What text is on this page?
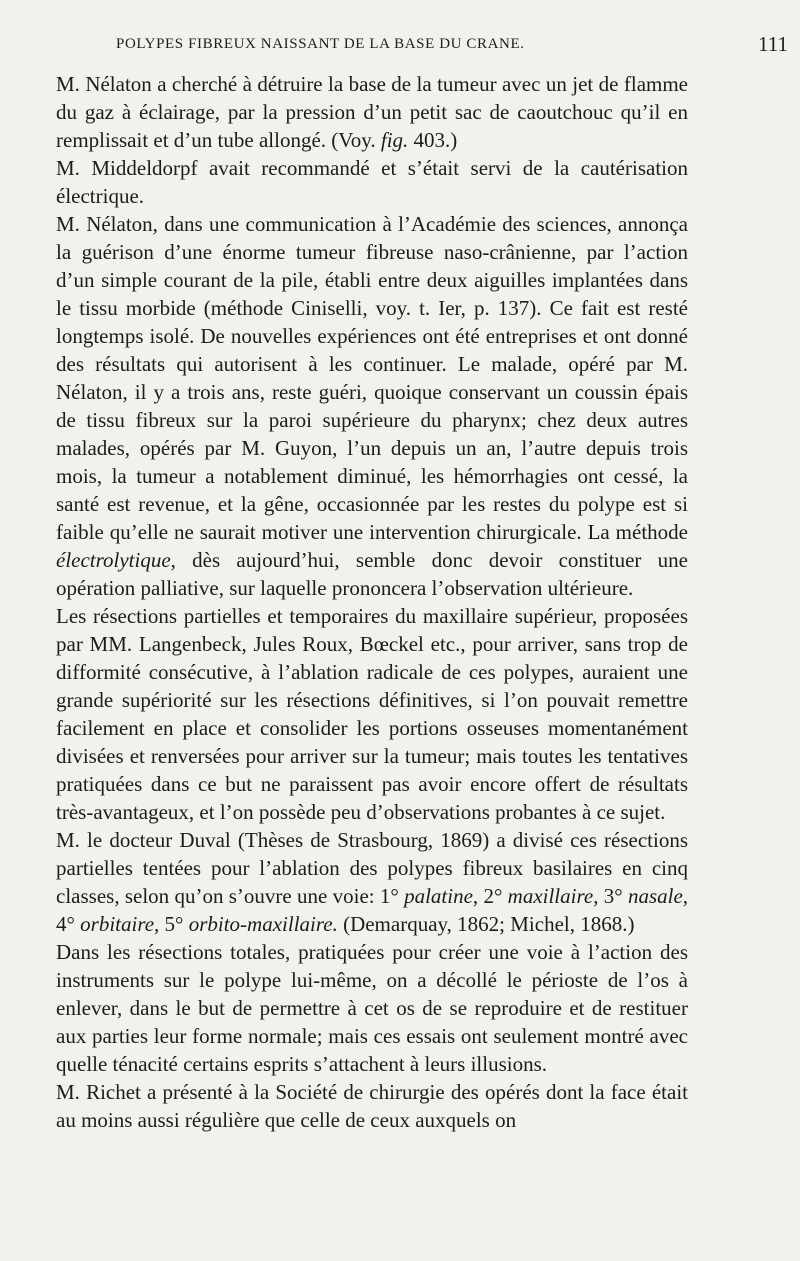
POLYPES FIBREUX NAISSANT DE LA BASE DU CRANE.	111

M. Nélaton a cherché à détruire la base de la tumeur avec un jet de flamme du gaz à éclairage, par la pression d’un petit sac de caoutchouc qu’il en remplissait et d’un tube allongé. (Voy. fig. 403.)

M. Middeldorpf avait recommandé et s’était servi de la cautérisation électrique.

M. Nélaton, dans une communication à l’Académie des sciences, annonça la guérison d’une énorme tumeur fibreuse naso-crânienne, par l’action d’un simple courant de la pile, établi entre deux aiguilles implantées dans le tissu morbide (méthode Ciniselli, voy. t. Ier, p. 137). Ce fait est resté longtemps isolé. De nouvelles expériences ont été entreprises et ont donné des résultats qui autorisent à les continuer. Le malade, opéré par M. Nélaton, il y a trois ans, reste guéri, quoique conservant un coussin épais de tissu fibreux sur la paroi supérieure du pharynx; chez deux autres malades, opérés par M. Guyon, l’un depuis un an, l’autre depuis trois mois, la tumeur a notablement diminué, les hémorrhagies ont cessé, la santé est revenue, et la gêne, occasionnée par les restes du polype est si faible qu’elle ne saurait motiver une intervention chirurgicale. La méthode électrolytique, dès aujourd’hui, semble donc devoir constituer une opération palliative, sur laquelle prononcera l’observation ultérieure.

Les résections partielles et temporaires du maxillaire supérieur, proposées par MM. Langenbeck, Jules Roux, Bœckel etc., pour arriver, sans trop de difformité consécutive, à l’ablation radicale de ces polypes, auraient une grande supériorité sur les résections définitives, si l’on pouvait remettre facilement en place et consolider les portions osseuses momentanément divisées et renversées pour arriver sur la tumeur; mais toutes les tentatives pratiquées dans ce but ne paraissent pas avoir encore offert de résultats très-avantageux, et l’on possède peu d’observations probantes à ce sujet.

M. le docteur Duval (Thèses de Strasbourg, 1869) a divisé ces résections partielles tentées pour l’ablation des polypes fibreux basilaires en cinq classes, selon qu’on s’ouvre une voie: 1° palatine, 2° maxillaire, 3° nasale, 4° orbitaire, 5° orbito-maxillaire. (Demarquay, 1862; Michel, 1868.)

Dans les résections totales, pratiquées pour créer une voie à l’action des instruments sur le polype lui-même, on a décollé le périoste de l’os à enlever, dans le but de permettre à cet os de se reproduire et de restituer aux parties leur forme normale; mais ces essais ont seulement montré avec quelle ténacité certains esprits s’attachent à leurs illusions.

M. Richet a présenté à la Société de chirurgie des opérés dont la face était au moins aussi régulière que celle de ceux auxquels on
